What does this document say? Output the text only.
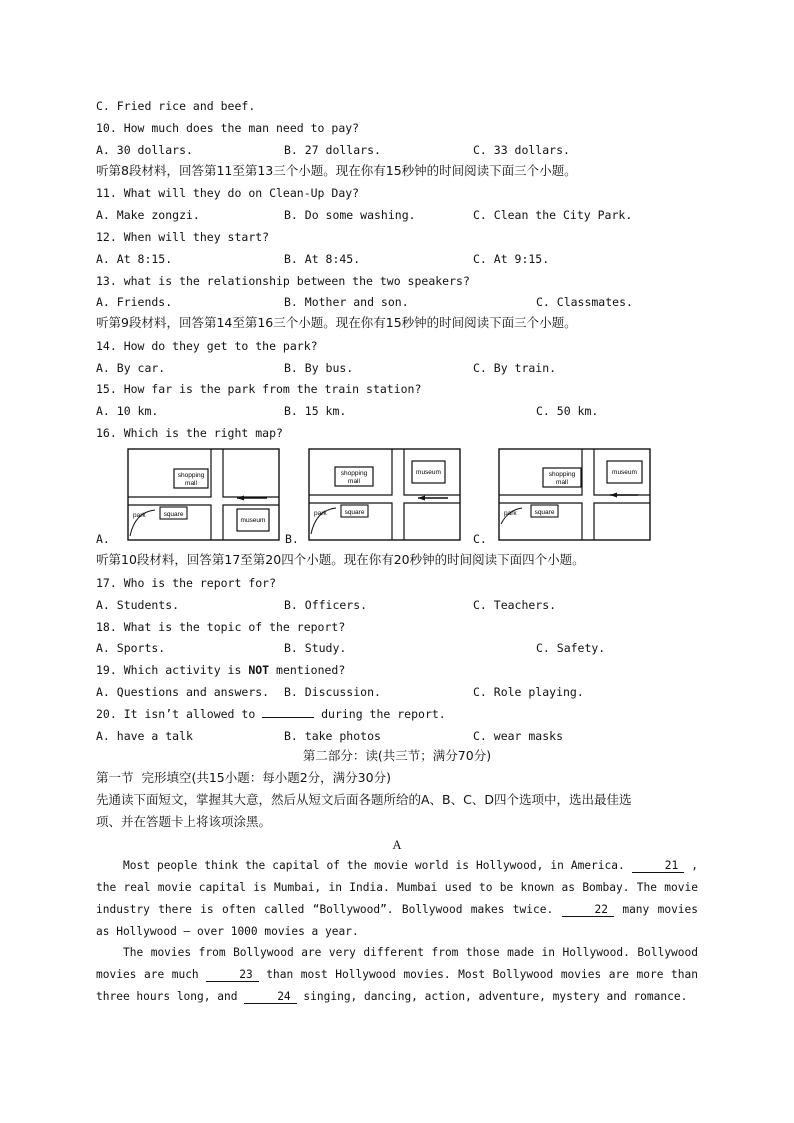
C. Fried rice and beef.
10. How much does the man need to pay?
A. 30 dollars.	B. 27 dollars.	C. 33 dollars.
听第8段材料，回答第11至第13三个小题。现在你有15秒钟的时间阅读下面三个小题。
11. What will they do on Clean-Up Day?
A. Make zongzi.	B. Do some washing.	C. Clean the City Park.
12. When will they start?
A. At 8:15.	B. At 8:45.	C. At 9:15.
13. what is the relationship between the two speakers?
A. Friends.	B. Mother and son.	C. Classmates.
听第9段材料，回答第14至第16三个小题。现在你有15秒钟的时间阅读下面三个小题。
14. How do they get to the park?
A. By car.	B. By bus.	C. By train.
15. How far is the park from the train station?
A. 10 km.	B. 15 km.	C. 50 km.
16. Which is the right map?
A.	B.	C.
shopping
mall
park	square
museum
shopping
mall
museum
park	square
shopping
mall
museum
park	square
听第10段材料，回答第17至第20四个小题。现在你有20秒钟的时间阅读下面四个小题。
17. Who is the report for?
A. Students.	B. Officers.	C. Teachers.
18. What is the topic of the report?
A. Sports.	B. Study.	C. Safety.
19. Which activity is NOT mentioned?
A. Questions and answers. B. Discussion.	C. Role playing.
20. It isn’t allowed to	during the report.
A. have a talk	B. take photos	C. wear masks
第二部分：读(共三节；满分70分)
第一节  完形填空(共15小题：每小题2分，满分30分)
先通读下面短文，掌握其大意，然后从短文后面各题所给的A、B、C、D四个选项中，选出最佳选
项、并在答题卡上将该项涂黑。
A
Most people think the capital of the movie world is Hollywood, in America.	21 , the real movie capital is Mumbai, in India. Mumbai used to be known as Bombay. The movie industry there is often called “Bollywood”. Bollywood makes twice.	22 many movies as Hollywood — over 1000 movies a year.
The movies from Bollywood are very different from those made in Hollywood. Bollywood movies are much	23 than most Hollywood movies. Most Bollywood movies are more than three hours long, and	24 singing, dancing, action, adventure, mystery and romance.
